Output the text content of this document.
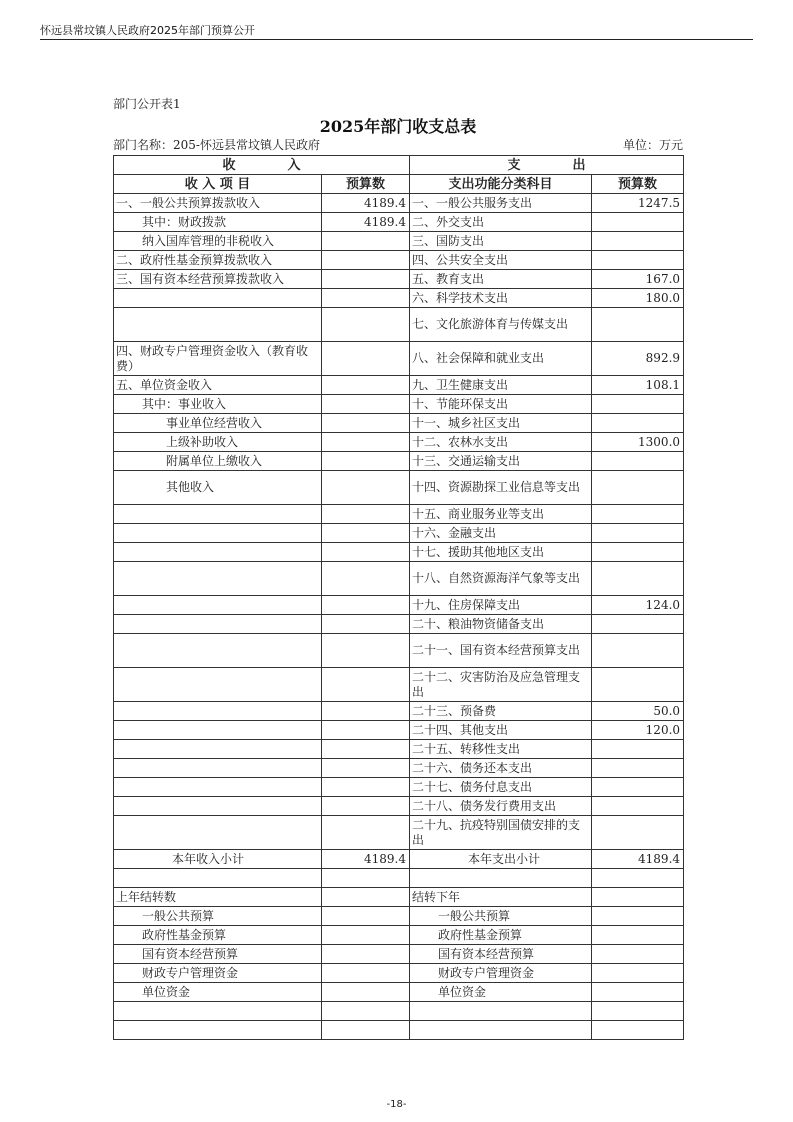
怀远县常坟镇人民政府2025年部门预算公开
部门公开表1
2025年部门收支总表
部门名称：205-怀远县常坟镇人民政府	单位：万元
收　　　　入		支　　　　出	
收 入 项 目	预算数	支出功能分类科目	预算数
一、一般公共预算拨款收入	4189.4	一、一般公共服务支出	1247.5
其中：财政拨款	4189.4	二、外交支出	
纳入国库管理的非税收入		三、国防支出	
二、政府性基金预算拨款收入		四、公共安全支出	
三、国有资本经营预算拨款收入		五、教育支出	167.0
		六、科学技术支出	180.0
		七、文化旅游体育与传媒支出	
四、财政专户管理资金收入（教育收费）		八、社会保障和就业支出	892.9
五、单位资金收入		九、卫生健康支出	108.1
其中：事业收入		十、节能环保支出	
事业单位经营收入		十一、城乡社区支出	
上级补助收入		十二、农林水支出	1300.0
附属单位上缴收入		十三、交通运输支出	
其他收入		十四、资源勘探工业信息等支出	
		十五、商业服务业等支出	
		十六、金融支出	
		十七、援助其他地区支出	
		十八、自然资源海洋气象等支出	
		十九、住房保障支出	124.0
		二十、粮油物资储备支出	
		二十一、国有资本经营预算支出	
		二十二、灾害防治及应急管理支出	
		二十三、预备费	50.0
		二十四、其他支出	120.0
		二十五、转移性支出	
		二十六、债务还本支出	
		二十七、债务付息支出	
		二十八、债务发行费用支出	
		二十九、抗疫特别国债安排的支出	
本年收入小计	4189.4	本年支出小计	4189.4

上年结转数		结转下年	
一般公共预算		一般公共预算	
政府性基金预算		政府性基金预算	
国有资本经营预算		国有资本经营预算	
财政专户管理资金		财政专户管理资金	
单位资金		单位资金	

-18-
